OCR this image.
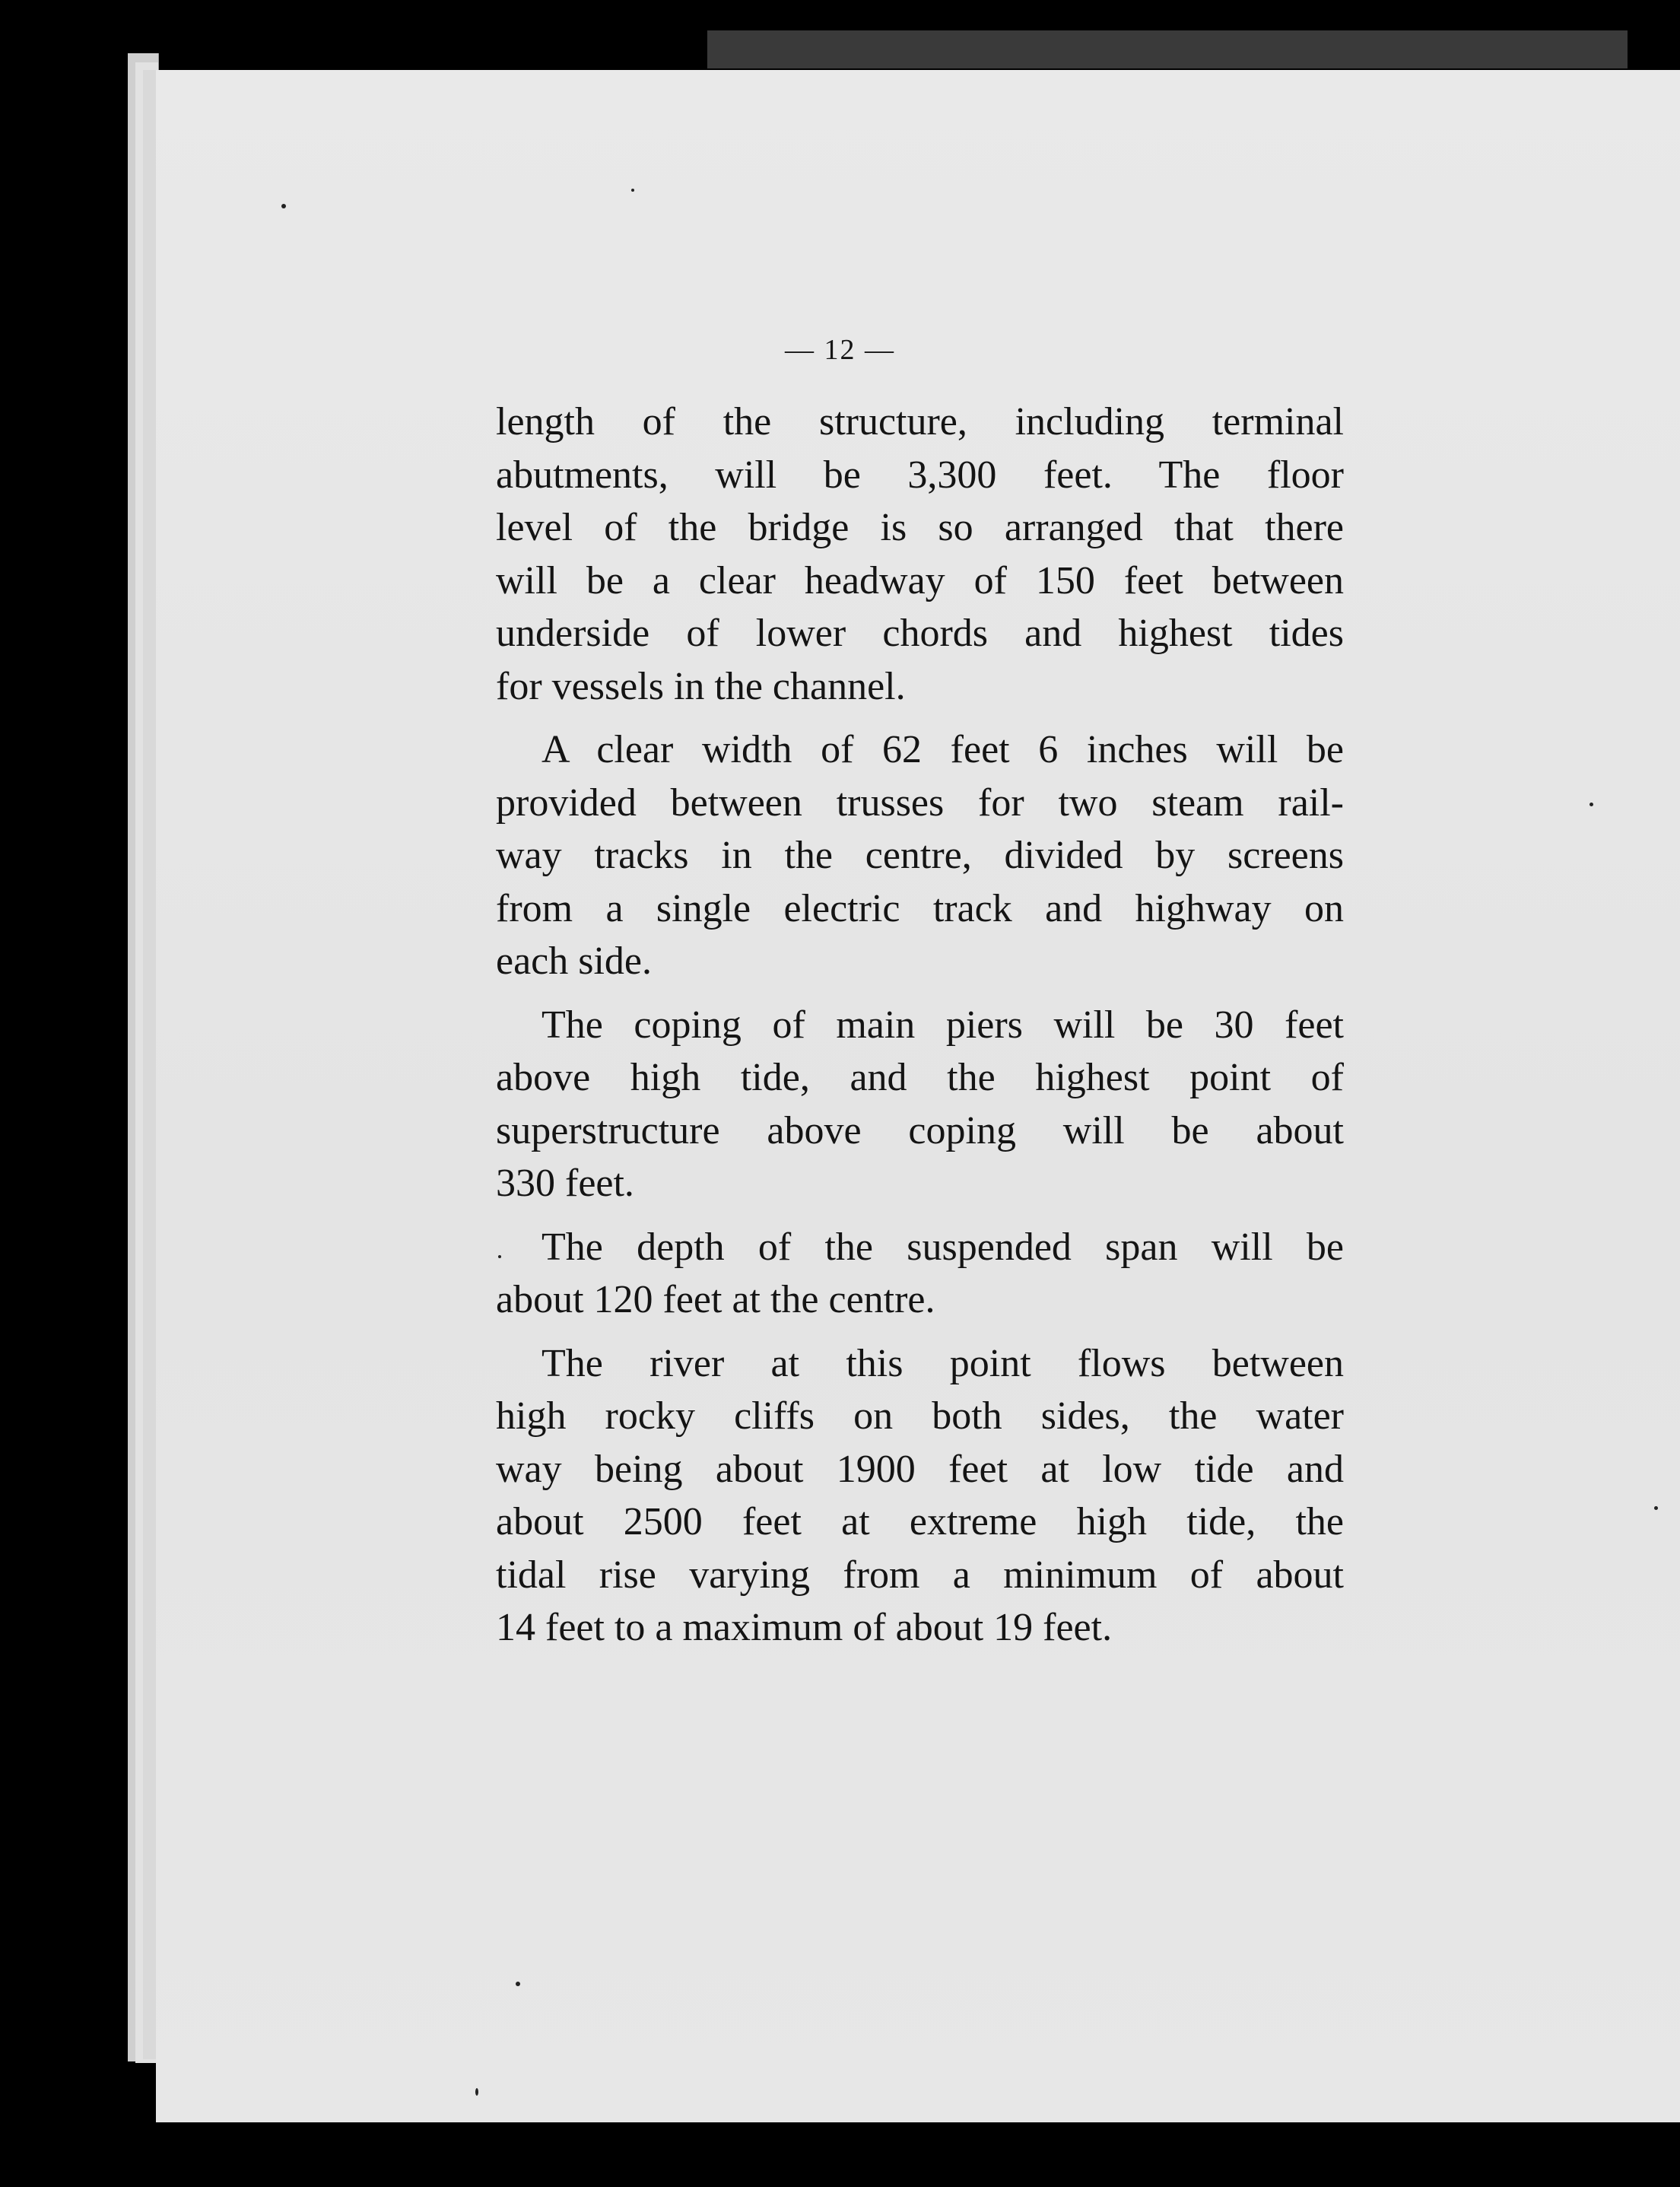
— 12 —

length of the structure, including terminal
abutments, will be 3,300 feet. The floor
level of the bridge is so arranged that there
will be a clear headway of 150 feet between
underside of lower chords and highest tides
for vessels in the channel.

A clear width of 62 feet 6 inches will be
provided between trusses for two steam rail-
way tracks in the centre, divided by screens
from a single electric track and highway on
each side.

The coping of main piers will be 30 feet
above high tide, and the highest point of
superstructure above coping will be about
330 feet.

The depth of the suspended span will be
about 120 feet at the centre.

The river at this point flows between
high rocky cliffs on both sides, the water
way being about 1900 feet at low tide and
about 2500 feet at extreme high tide, the
tidal rise varying from a minimum of about
14 feet to a maximum of about 19 feet.
